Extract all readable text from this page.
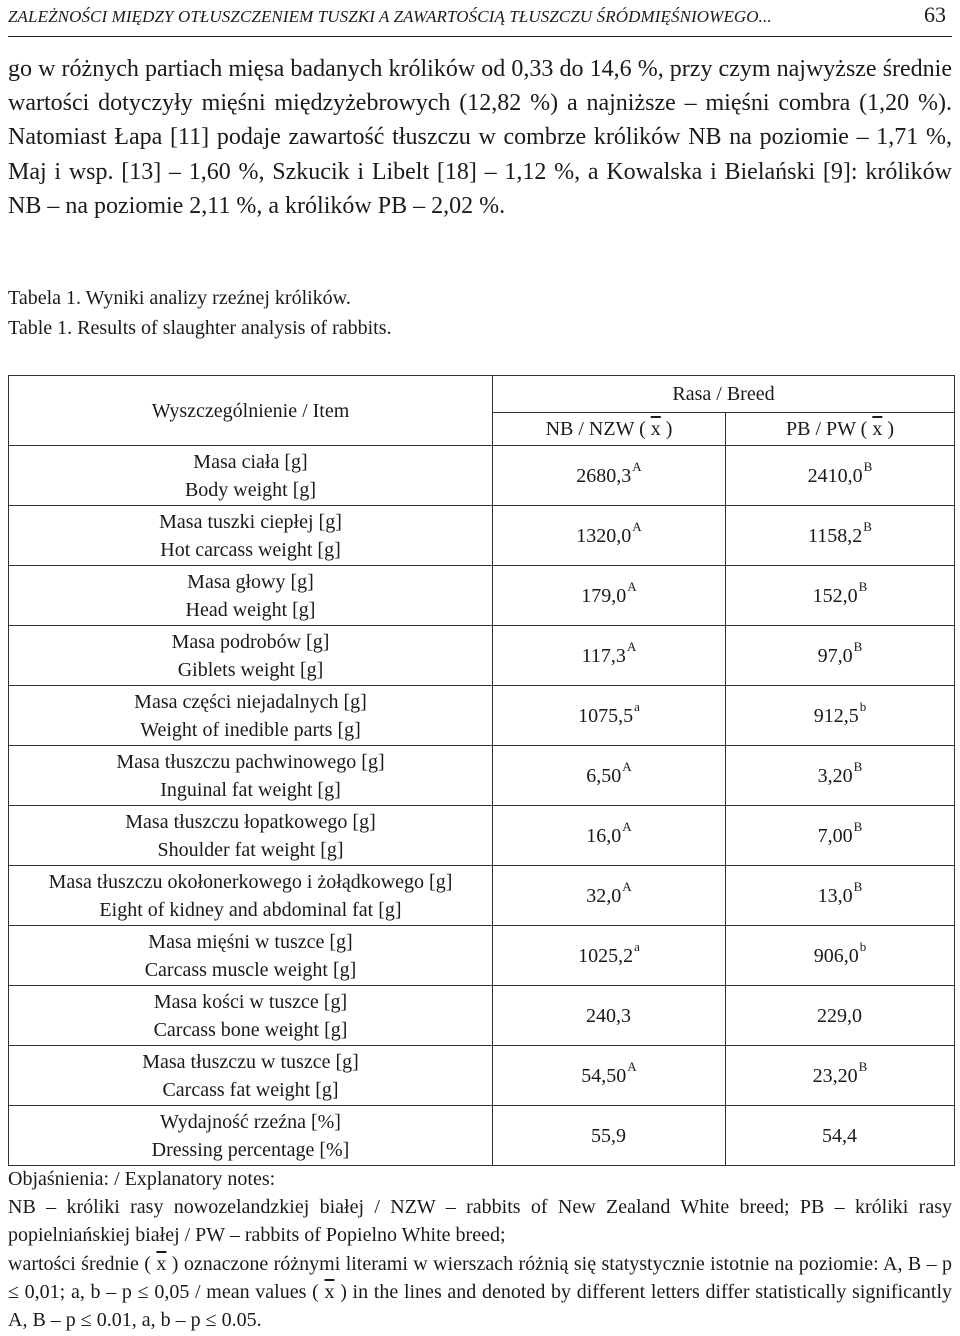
ZALEŻNOŚCI MIĘDZY OTŁUSZCZENIEM TUSZKI A ZAWARTOŚCIĄ TŁUSZCZU ŚRÓDMIĘŚNIOWEGO...	63

go w różnych partiach mięsa badanych królików od 0,33 do 14,6 %, przy czym najwyższe średnie wartości dotyczyły mięśni międzyżebrowych (12,82 %) a najniższe – mięśni combra (1,20 %). Natomiast Łapa [11] podaje zawartość tłuszczu w combrze królików NB na poziomie – 1,71 %, Maj i wsp. [13] – 1,60 %, Szkucik i Libelt [18] – 1,12 %, a Kowalska i Bielański [9]: królików NB – na poziomie 2,11 %, a królików PB – 2,02 %.

Tabela 1. Wyniki analizy rzeźnej królików.
Table 1. Results of slaughter analysis of rabbits.
Wyszczególnienie / Item	Rasa / Breed	
	NB / NZW ( $\overline{x}$ )	PB / PW ( $\overline{x}$ )

Masa ciała [g]
Body weight [g]	$2680,3^A$	$2410,0^B$

Masa tuszki ciepłej [g]
Hot carcass weight [g]	$1320,0^A$	$1158,2^B$

Masa głowy [g]
Head weight [g]	$179,0^A$	$152,0^B$

Masa podrobów [g]
Giblets weight [g]	$117,3^A$	$97,0^B$

Masa części niejadalnych [g]
Weight of inedible parts [g]	1075,5$^a$	912,5$^b$

Masa tłuszczu pachwinowego [g]
Inguinal fat weight [g]	$6,50^A$	$3,20^B$

Masa tłuszczu łopatkowego [g]
Shoulder fat weight [g]	$16,0^A$	$7,00^B$

Masa tłuszczu okołonerkowego i żołądkowego [g]
Eight of kidney and abdominal fat [g]	$32,0^A$	$13,0^B$

Masa mięśni w tuszce [g]
Carcass muscle weight [g]	1025,2$^a$	906,0$^b$

Masa kości w tuszce [g]
Carcass bone weight [g]	240,3	229,0

Masa tłuszczu w tuszce [g]
Carcass fat weight [g]	$54,50^A$	$23,20^B$

Wydajność rzeźna [%]
Dressing percentage [%]	55,9	54,4

Objaśnienia: / Explanatory notes:

NB – króliki rasy nowozelandzkiej białej / NZW – rabbits of New Zealand White breed; PB – króliki rasy popielniańskiej białej / PW – rabbits of Popielno White breed;

wartości średnie ( $\overline{x}$ ) oznaczone różnymi literami w wierszach różnią się statystycznie istotnie na poziomie: A, B – p ≤ 0,01; a, b – p ≤ 0,05 / mean values ( $\overline{x}$ ) in the lines and denoted by different letters differ statistically significantly A, B – p ≤ 0.01, a, b – p ≤ 0.05.
